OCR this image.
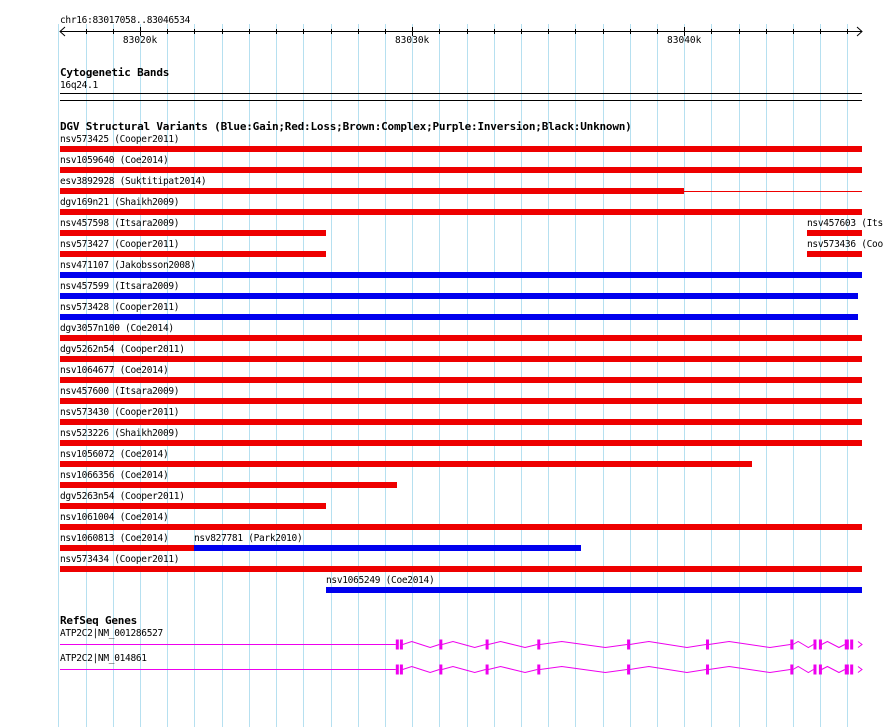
chr16:83017058..83046534
Cytogenetic Bands
16q24.1
DGV Structural Variants (Blue:Gain;Red:Loss;Brown:Complex;Purple:Inversion;Black:Unknown)
nsv573425 (Cooper2011)
nsv1059640 (Coe2014)
esv3892928 (Suktitipat2014)
dgv169n21 (Shaikh2009)
nsv457598 (Itsara2009)	nsv457603 (Its
nsv573427 (Cooper2011)	nsv573436 (Coo
nsv471107 (Jakobsson2008)
nsv457599 (Itsara2009)
nsv573428 (Cooper2011)
dgv3057n100 (Coe2014)
dgv5262n54 (Cooper2011)
nsv1064677 (Coe2014)
nsv457600 (Itsara2009)
nsv573430 (Cooper2011)
nsv523226 (Shaikh2009)
nsv1056072 (Coe2014)
nsv1066356 (Coe2014)
dgv5263n54 (Cooper2011)
nsv1061004 (Coe2014)
nsv1060813 (Coe2014)	nsv827781 (Park2010)
nsv573434 (Cooper2011)
nsv1065249 (Coe2014)
RefSeq Genes
ATP2C2|NM_001286527
ATP2C2|NM_014861
83020k	83030k	83040k
